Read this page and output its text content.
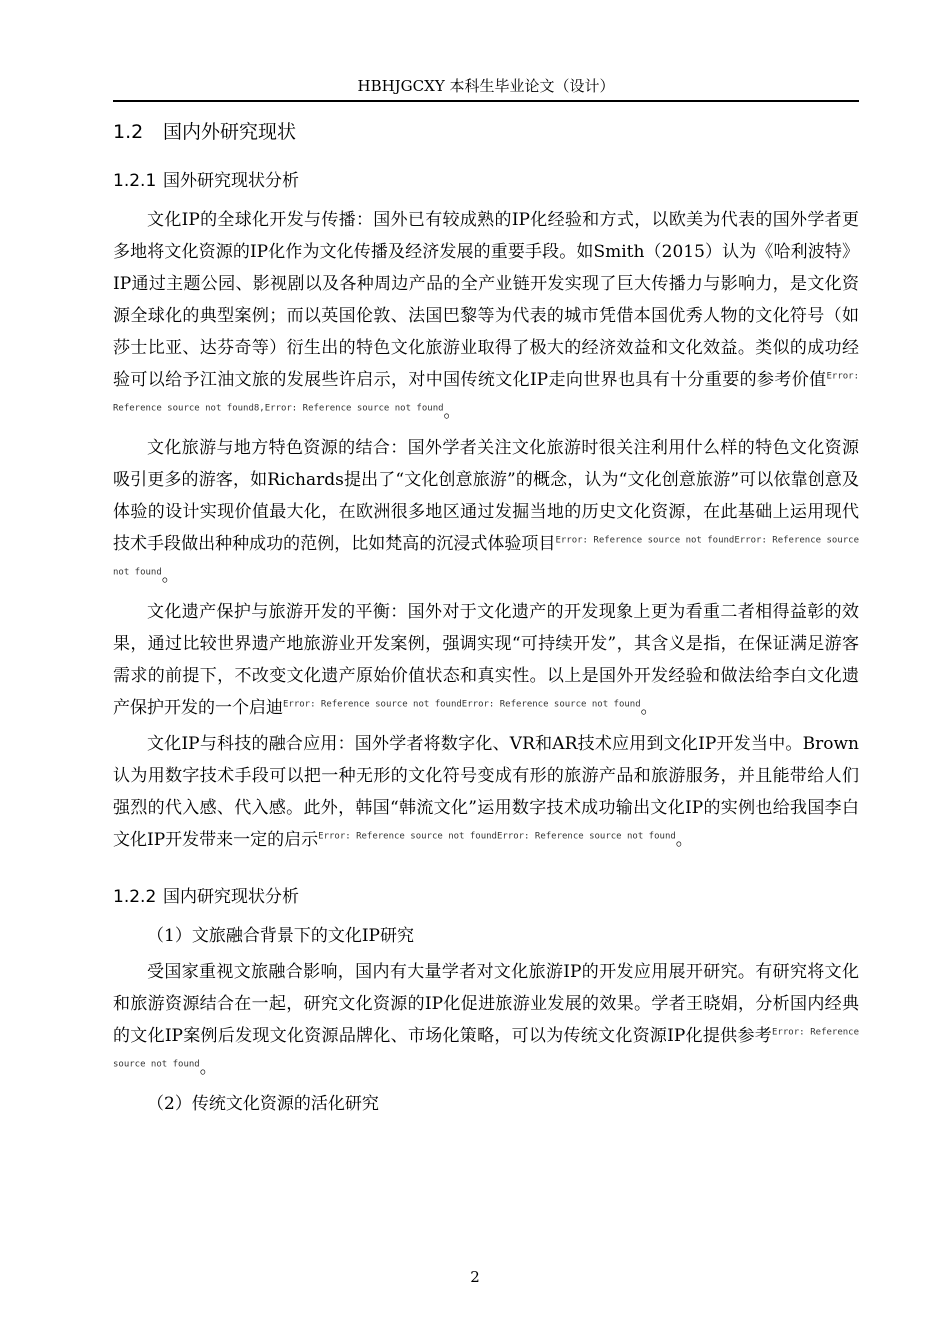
HBHJGCXY 本科生毕业论文（设计）
1.2 国内外研究现状
1.2.1 国外研究现状分析

文化IP的全球化开发与传播：国外已有较成熟的IP化经验和方式，以欧美为代表的国外学者更多地将文化资源的IP化作为文化传播及经济发展的重要手段。如Smith（2015）认为《哈利波特》IP通过主题公园、影视剧以及各种周边产品的全产业链开发实现了巨大传播力与影响力，是文化资源全球化的典型案例；而以英国伦敦、法国巴黎等为代表的城市凭借本国优秀人物的文化符号（如莎士比亚、达芬奇等）衍生出的特色文化旅游业取得了极大的经济效益和文化效益。类似的成功经验可以给予江油文旅的发展些许启示，对中国传统文化IP走向世界也具有十分重要的参考价值$^{Error: Reference source not found8,Error: Reference source not found}$。

文化旅游与地方特色资源的结合：国外学者关注文化旅游时很关注利用什么样的特色文化资源吸引更多的游客，如Richards提出了“文化创意旅游”的概念，认为“文化创意旅游”可以依靠创意及体验的设计实现价值最大化，在欧洲很多地区通过发掘当地的历史文化资源，在此基础上运用现代技术手段做出种种成功的范例，比如梵高的沉浸式体验项目$^{Error: Reference source not foundError: Reference source not found}$。

文化遗产保护与旅游开发的平衡：国外对于文化遗产的开发现象上更为看重二者相得益彰的效果，通过比较世界遗产地旅游业开发案例，强调实现“可持续开发”，其含义是指，在保证满足游客需求的前提下，不改变文化遗产原始价值状态和真实性。以上是国外开发经验和做法给李白文化遗产保护开发的一个启迪$^{Error: Reference source not foundError: Reference source not found}$。

文化IP与科技的融合应用：国外学者将数字化、VR和AR技术应用到文化IP开发当中。Brown认为用数字技术手段可以把一种无形的文化符号变成有形的旅游产品和旅游服务，并且能带给人们强烈的代入感、代入感。此外，韩国“韩流文化”运用数字技术成功输出文化IP的实例也给我国李白文化IP开发带来一定的启示$^{Error: Reference source not foundError: Reference source not found}$。

1.2.2 国内研究现状分析

（1）文旅融合背景下的文化IP研究

受国家重视文旅融合影响，国内有大量学者对文化旅游IP的开发应用展开研究。有研究将文化和旅游资源结合在一起，研究文化资源的IP化促进旅游业发展的效果。学者王晓娟，分析国内经典的文化IP案例后发现文化资源品牌化、市场化策略，可以为传统文化资源IP化提供参考$^{Error: Reference source not found}$。

（2）传统文化资源的活化研究

2
